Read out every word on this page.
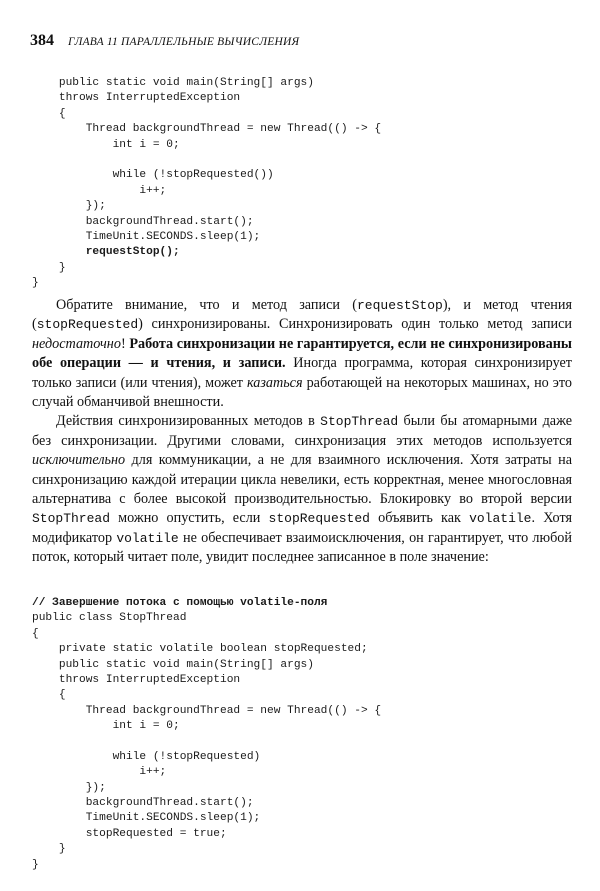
384 ГЛАВА 11 ПАРАЛЛЕЛЬНЫЕ ВЫЧИСЛЕНИЯ
public static void main(String[] args)
throws InterruptedException
{
Thread backgroundThread = new Thread(() -> {
int i = 0;
while (!stopRequested())
i++;
});
backgroundThread.start();
TimeUnit.SECONDS.sleep(1);
requestStop();
}
}

Обратите внимание, что и метод записи (requestStop), и метод чтения (stopRequested) синхронизированы. Синхронизировать один только метод записи недостаточно! Работа синхронизации не гарантируется, если не синхронизированы обе операции — и чтения, и записи. Иногда программа, которая синхронизирует только записи (или чтения), может казаться работающей на некоторых машинах, но это случай обманчивой внешности.

Действия синхронизированных методов в StopThread были бы атомарными даже без синхронизации. Другими словами, синхронизация этих методов используется исключительно для коммуникации, а не для взаимного исключения. Хотя затраты на синхронизацию каждой итерации цикла невелики, есть корректная, менее многословная альтернатива с более высокой производительностью. Блокировку во второй версии StopThread можно опустить, если stopRequested объявить как volatile. Хотя модификатор volatile не обеспечивает взаимоисключения, он гарантирует, что любой поток, который читает поле, увидит последнее записанное в поле значение:

// Завершение потока с помощью volatile-поля
public class StopThread
{
private static volatile boolean stopRequested;
public static void main(String[] args)
throws InterruptedException
{
Thread backgroundThread = new Thread(() -> {
int i = 0;
while (!stopRequested)
i++;
});
backgroundThread.start();
TimeUnit.SECONDS.sleep(1);
stopRequested = true;
}
}
